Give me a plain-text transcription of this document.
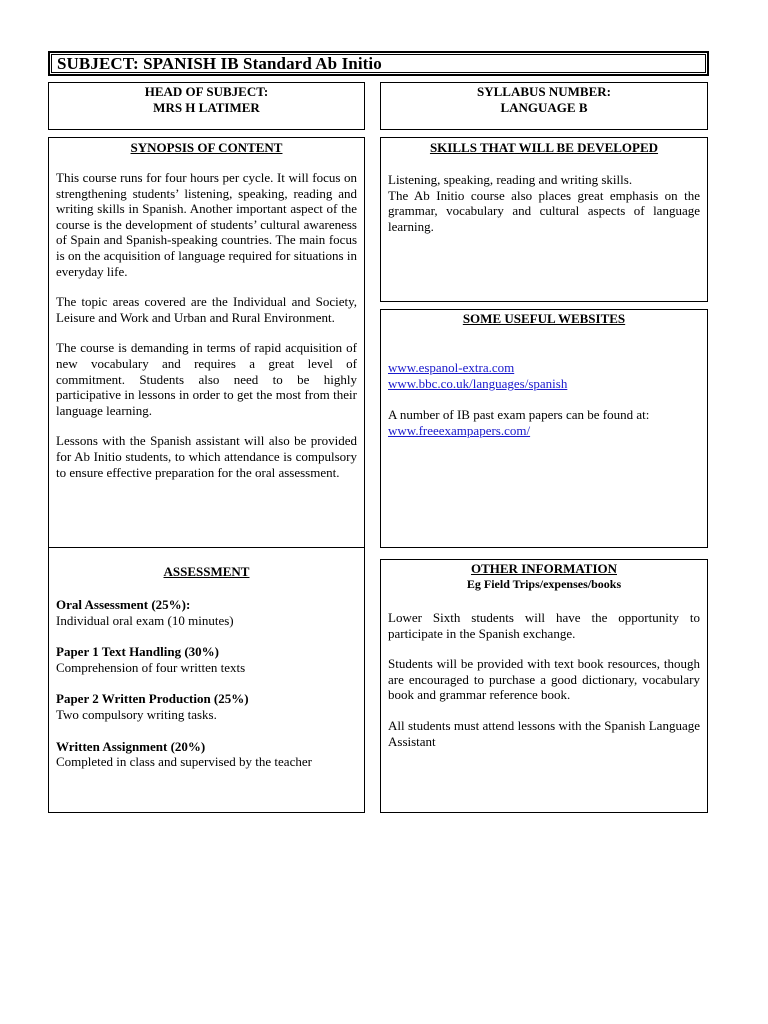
SUBJECT: SPANISH IB Standard Ab Initio
HEAD OF SUBJECT:
MRS H LATIMER
SYLLABUS NUMBER:
LANGUAGE B
SYNOPSIS OF CONTENT

This course runs for four hours per cycle. It will focus on strengthening students’ listening, speaking, reading and writing skills in Spanish. Another important aspect of the course is the development of students’ cultural awareness of Spain and Spanish-speaking countries. The main focus is on the acquisition of language required for situations in everyday life.

The topic areas covered are the Individual and Society, Leisure and Work and Urban and Rural Environment.

The course is demanding in terms of rapid acquisition of new vocabulary and requires a great level of commitment. Students also need to be highly participative in lessons in order to get the most from their language learning.

Lessons with the Spanish assistant will also be provided for Ab Initio students, to which attendance is compulsory to ensure effective preparation for the oral assessment.

SKILLS THAT WILL BE DEVELOPED

Listening, speaking, reading and writing skills.

The Ab Initio course also places great emphasis on the grammar, vocabulary and cultural aspects of language learning.

SOME USEFUL WEBSITES
www.espanol-extra.com
www.bbc.co.uk/languages/spanish

A number of IB past exam papers can be found at:

www.freeexampapers.com/
ASSESSMENT
Oral Assessment (25%):
Individual oral exam (10 minutes)
Paper 1 Text Handling (30%)
Comprehension of four written texts
Paper 2 Written Production (25%)
Two compulsory writing tasks.
Written Assignment (20%)
Completed in class and supervised by the teacher
OTHER INFORMATION
Eg Field Trips/expenses/books

Lower Sixth students will have the opportunity to participate in the Spanish exchange.

Students will be provided with text book resources, though are encouraged to purchase a good dictionary, vocabulary book and grammar reference book.

All students must attend lessons with the Spanish Language Assistant
